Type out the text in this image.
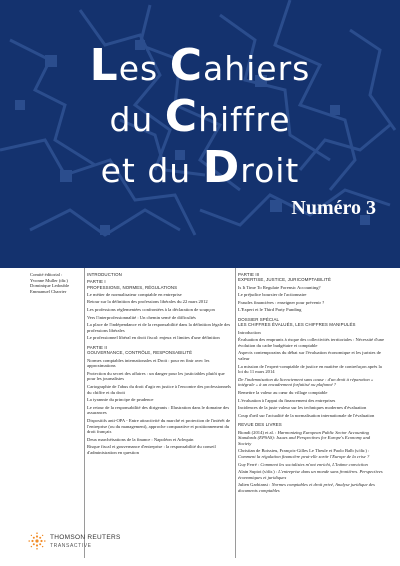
Les Cahiers
du Chiffre
et du Droit
Numéro 3
Comité éditorial :
Yvonne Muller (dir.)
Dominique Ledouble
Emmanuel Charrier
INTRODUCTION
PARTIE I
PROFESSIONS, NORMES, RÉGULATIONS
Le métier de normalisateur comptable en entreprise
Retour sur la définition des professions libérales du 22 mars 2012
Les professions réglementées confrontées à la déclaration de soupçon
Vers l'interprofessionnalité : Un chemin semé de difficultés
La place de l'indépendance et de la responsabilité dans la définition légale des professions libérales
Le professionnel libéral en droit fiscal: enjeux et limites d'une définition
PARTIE II
GOUVERNANCE, CONTRÔLE, RESPONSABILITÉ
Normes comptables internationales et Droit : pour en finir avec les approximations
Protection du secret des affaires : un danger pour les justiciables plutôt que pour les journalistes
Cartographie de l'abus du droit d'agir en justice à l'encontre des professionnels du chiffre et du droit
La tyrannie du principe de prudence
Le retour de la responsabilité des dirigeants : Illustration dans le domaine des assurances
Dispositifs anti-OPA - Entre attractivité du marché et protection de l'intérêt de l'entreprise (ou du management), approche comparative et positionnement du droit français
Deux marchéisations de la finance : Napoléon et Arlequin
Risque fiscal et gouvernance d'entreprise : la responsabilité du conseil d'administration en question
PARTIE III
EXPERTISE, JUSTICE, JURICOMPTABILITÉ
Is It Time To Regulate Forensic Accounting?
Le préjudice boursier de l'actionnaire
Fraudes financières : enseigner pour prévenir ?
L'Expert et le Third Party Funding
DOSSIER SPÉCIAL
LES CHIFFRES ÉVALUÉS, LES CHIFFRES MANIPULÉS
Introduction
Évaluation des emprunts à risque des collectivités territoriales : Nécessité d'une évolution du cadre budgétaire et comptable
Aspects contemporains du débat sur l'évaluation économique et les juristes de valeur
La mission de l'expert-comptable de justice en matière de contrefaçon après la loi du 11 mars 2014
De l'indemnisation du licenciement sans cause : d'un droit à réparation « intégrale » à un encadrement forfaitisé ou plafonné ?
Remettre la valeur au cœur du village comptable
L'évaluation à l'appui du financement des entreprises
Incidences de la juste valeur sur les techniques modernes d'évaluation
Coup d'œil sur l'actualité de la normalisation internationale de l'évaluation
REVUE DES LIVRES
Biondi (2014) et al. : Harmonizing European Public Sector Accounting Standards (EPSAS): Issues and Perspectives for Europe's Economy and Society
Christian de Boissieu, François-Gilles Le Theule et Paolo Balb (s/dir.) : Comment la régulation financière peut-elle sortir l'Europe de la crise ?
Guy Ferré : Comment les socialistes m'ont enrichi, L'Intime conviction
Alain Supiot (s/dir.) : L'entreprise dans un monde sans frontières. Perspectives économiques et juridiques
Julien Garbiansi : Normes comptables et droit privé, Analyse juridique des documents comptables
THOMSON REUTERS
TRANSACTIVE
